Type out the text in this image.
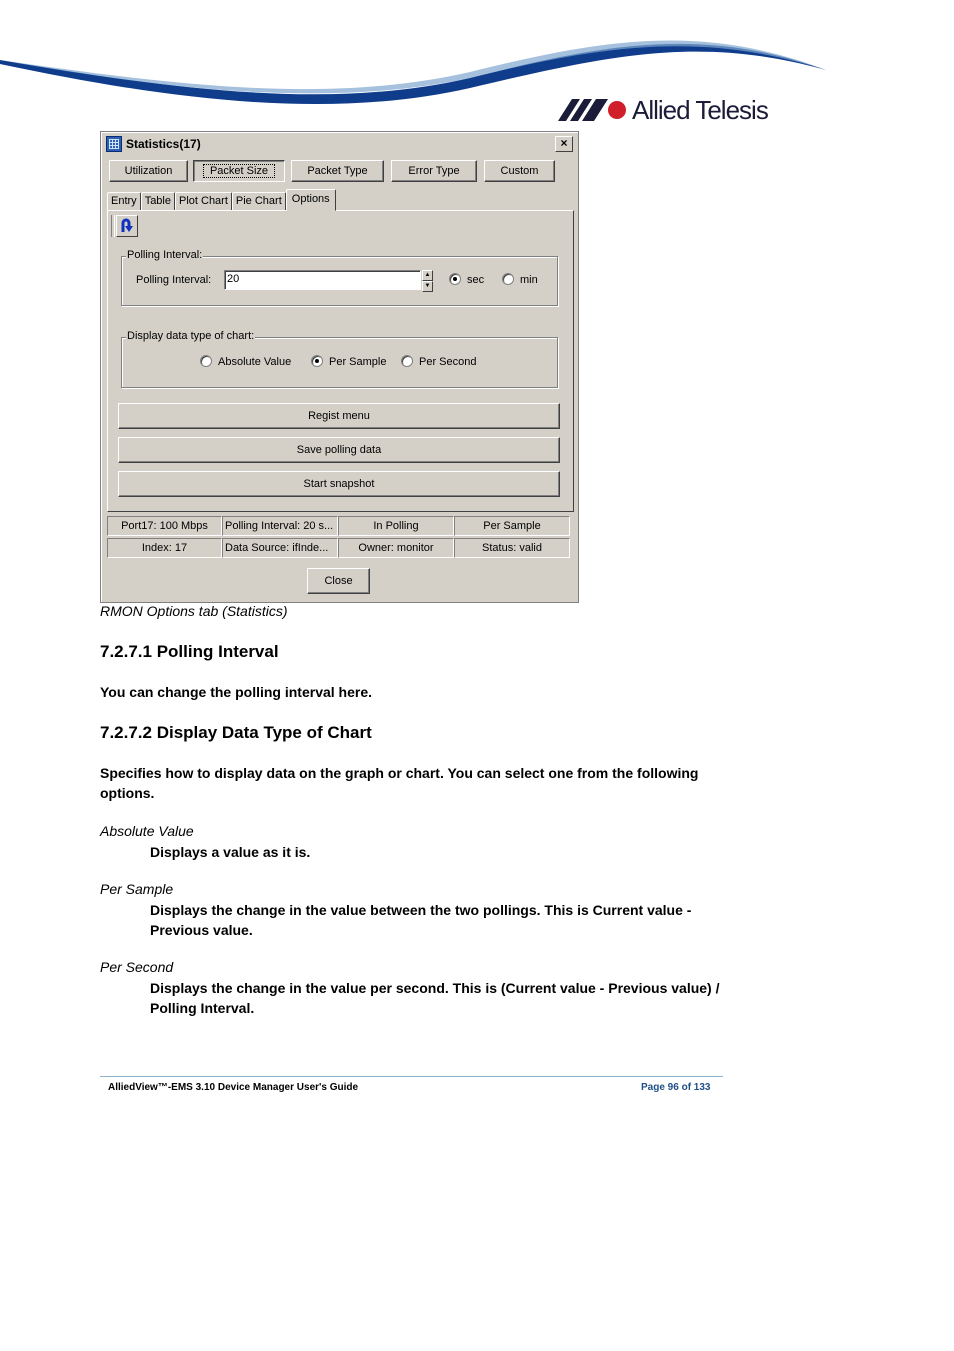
Allied Telesis
Statistics(17)	×
Utilization	Packet Size	Packet Type	Error Type	Custom
Entry Table Plot Chart Pie Chart Options
Polling Interval:
Polling Interval: 20	▲
▼	sec	min
Display data type of chart:
Absolute Value	Per Sample	Per Second
Regist menu
Save polling data
Start snapshot
Port17: 100 Mbps	Polling Interval: 20 s...	In Polling	Per Sample
Index: 17	Data Source: ifInde...	Owner: monitor	Status: valid
Close
RMON Options tab (Statistics)
7.2.7.1 Polling Interval
You can change the polling interval here.
7.2.7.2 Display Data Type of Chart
Specifies how to display data on the graph or chart. You can select one from the following options.
Absolute Value
Displays a value as it is.
Per Sample
Displays the change in the value between the two pollings. This is Current value - Previous value.
Per Second
Displays the change in the value per second. This is (Current value - Previous value) / Polling Interval.
AlliedView™-EMS 3.10 Device Manager User's Guide	Page 96 of 133
